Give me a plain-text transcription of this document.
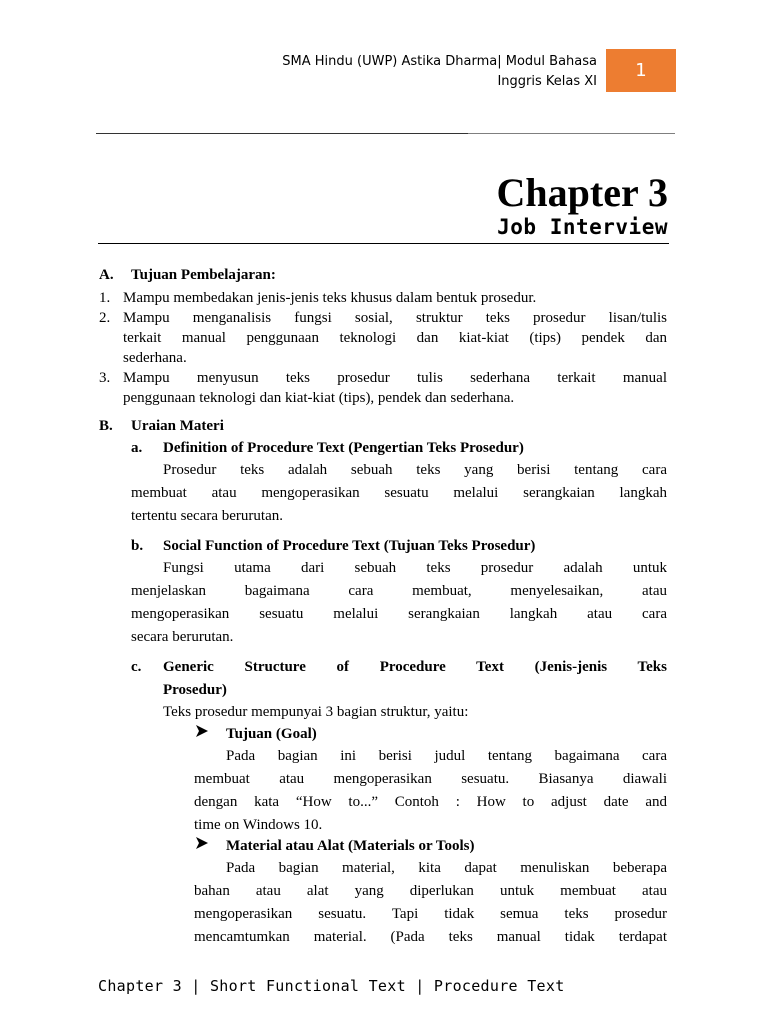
SMA Hindu (UWP) Astika Dharma| Modul Bahasa
Inggris Kelas XI
1
Chapter 3
Job Interview
A. Tujuan Pembelajaran:
1. Mampu membedakan jenis-jenis teks khusus dalam bentuk prosedur.
2. Mampu menganalisis fungsi sosial, struktur teks prosedur lisan/tulis
terkait manual penggunaan teknologi dan kiat-kiat (tips) pendek dan
sederhana.
3. Mampu menyusun teks prosedur tulis sederhana terkait manual
penggunaan teknologi dan kiat-kiat (tips), pendek dan sederhana.
B. Uraian Materi
a. Definition of Procedure Text (Pengertian Teks Prosedur)
Prosedur teks adalah sebuah teks yang berisi tentang cara
membuat atau mengoperasikan sesuatu melalui serangkaian langkah
tertentu secara berurutan.
b. Social Function of Procedure Text (Tujuan Teks Prosedur)
Fungsi utama dari sebuah teks prosedur adalah untuk
menjelaskan bagaimana cara membuat, menyelesaikan, atau
mengoperasikan sesuatu melalui serangkaian langkah atau cara
secara berurutan.
c. Generic Structure of Procedure Text (Jenis-jenis Teks
Prosedur)
Teks prosedur mempunyai 3 bagian struktur, yaitu:
Tujuan (Goal)
Pada bagian ini berisi judul tentang bagaimana cara
membuat atau mengoperasikan sesuatu. Biasanya diawali
dengan kata “How to...” Contoh : How to adjust date and
time on Windows 10.
Material atau Alat (Materials or Tools)
Pada bagian material, kita dapat menuliskan beberapa
bahan atau alat yang diperlukan untuk membuat atau
mengoperasikan sesuatu. Tapi tidak semua teks prosedur
mencamtumkan material. (Pada teks manual tidak terdapat
Chapter 3 | Short Functional Text | Procedure Text
